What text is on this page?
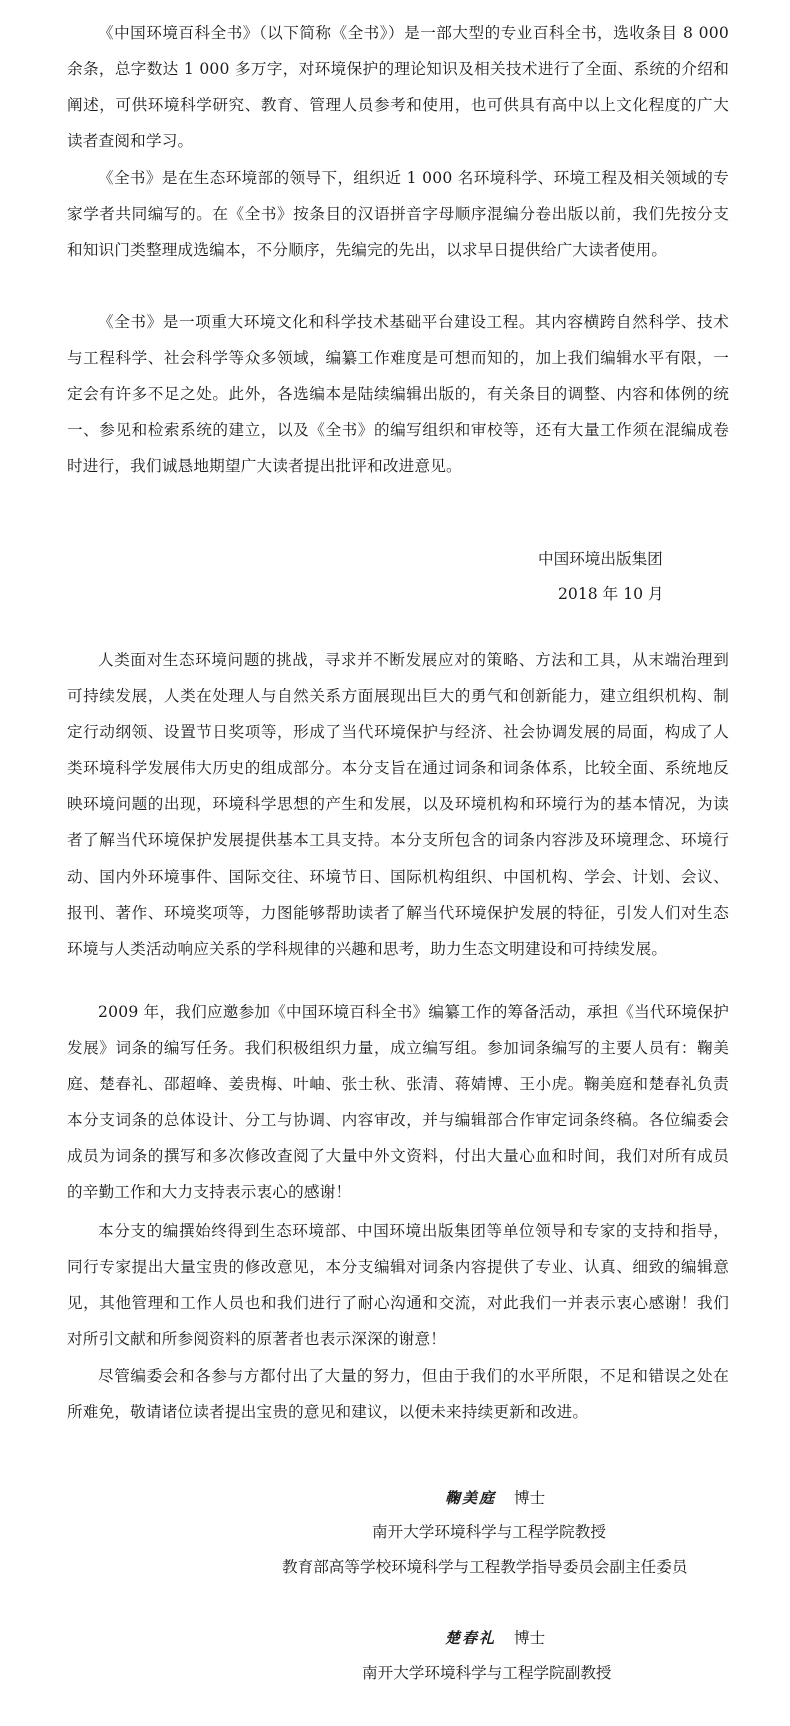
《中国环境百科全书》（以下简称《全书》）是一部大型的专业百科全书，选收条目 8 000 余条，总字数达 1 000 多万字，对环境保护的理论知识及相关技术进行了全面、系统的介绍和阐述，可供环境科学研究、教育、管理人员参考和使用，也可供具有高中以上文化程度的广大读者查阅和学习。

《全书》是在生态环境部的领导下，组织近 1 000 名环境科学、环境工程及相关领域的专家学者共同编写的。在《全书》按条目的汉语拼音字母顺序混编分卷出版以前，我们先按分支和知识门类整理成选编本，不分顺序，先编完的先出，以求早日提供给广大读者使用。

《全书》是一项重大环境文化和科学技术基础平台建设工程。其内容横跨自然科学、技术与工程科学、社会科学等众多领域，编纂工作难度是可想而知的，加上我们编辑水平有限，一定会有许多不足之处。此外，各选编本是陆续编辑出版的，有关条目的调整、内容和体例的统一、参见和检索系统的建立，以及《全书》的编写组织和审校等，还有大量工作须在混编成卷时进行，我们诚恳地期望广大读者提出批评和改进意见。

中国环境出版集团

2018 年 10 月

人类面对生态环境问题的挑战，寻求并不断发展应对的策略、方法和工具，从末端治理到可持续发展，人类在处理人与自然关系方面展现出巨大的勇气和创新能力，建立组织机构、制定行动纲领、设置节日奖项等，形成了当代环境保护与经济、社会协调发展的局面，构成了人类环境科学发展伟大历史的组成部分。本分支旨在通过词条和词条体系，比较全面、系统地反映环境问题的出现，环境科学思想的产生和发展，以及环境机构和环境行为的基本情况，为读者了解当代环境保护发展提供基本工具支持。本分支所包含的词条内容涉及环境理念、环境行动、国内外环境事件、国际交往、环境节日、国际机构组织、中国机构、学会、计划、会议、报刊、著作、环境奖项等，力图能够帮助读者了解当代环境保护发展的特征，引发人们对生态环境与人类活动响应关系的学科规律的兴趣和思考，助力生态文明建设和可持续发展。

2009 年，我们应邀参加《中国环境百科全书》编纂工作的筹备活动，承担《当代环境保护发展》词条的编写任务。我们积极组织力量，成立编写组。参加词条编写的主要人员有：鞠美庭、楚春礼、邵超峰、姜贵梅、叶岫、张士秋、张清、蒋婧博、王小虎。鞠美庭和楚春礼负责本分支词条的总体设计、分工与协调、内容审改，并与编辑部合作审定词条终稿。各位编委会成员为词条的撰写和多次修改查阅了大量中外文资料，付出大量心血和时间，我们对所有成员的辛勤工作和大力支持表示衷心的感谢！

本分支的编撰始终得到生态环境部、中国环境出版集团等单位领导和专家的支持和指导，同行专家提出大量宝贵的修改意见，本分支编辑对词条内容提供了专业、认真、细致的编辑意见，其他管理和工作人员也和我们进行了耐心沟通和交流，对此我们一并表示衷心感谢！我们对所引文献和所参阅资料的原著者也表示深深的谢意！

尽管编委会和各参与方都付出了大量的努力，但由于我们的水平所限，不足和错误之处在所难免，敬请诸位读者提出宝贵的意见和建议，以便未来持续更新和改进。

鞠美庭 博士

南开大学环境科学与工程学院教授

教育部高等学校环境科学与工程教学指导委员会副主任委员

楚春礼 博士

南开大学环境科学与工程学院副教授
